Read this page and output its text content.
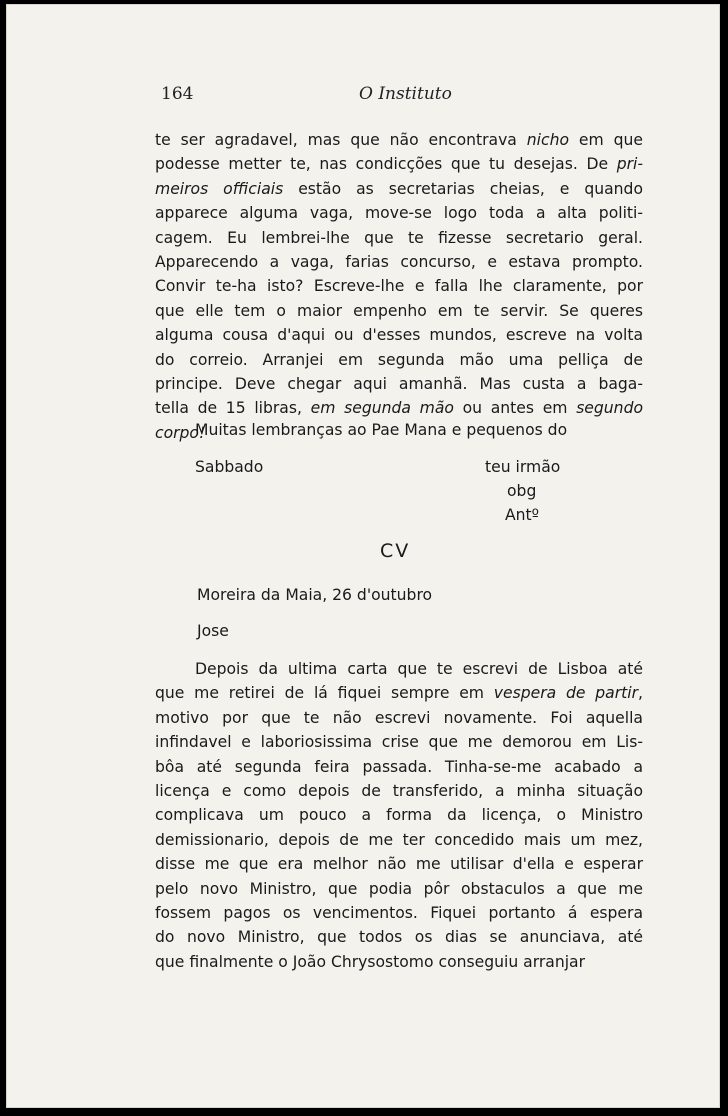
164	O Instituto
te ser agradavel, mas que não encontrava nicho em que
podesse metter te, nas condicções que tu desejas. De pri-
meiros officiais estão as secretarias cheias, e quando
apparece alguma vaga, move-se logo toda a alta politi-
cagem. Eu lembrei-lhe que te fizesse secretario geral.
Apparecendo a vaga, farias concurso, e estava prompto.
Convir te-ha isto? Escreve-lhe e falla lhe claramente, por
que elle tem o maior empenho em te servir. Se queres
alguma cousa d'aqui ou d'esses mundos, escreve na volta
do correio. Arranjei em segunda mão uma pelliça de
principe. Deve chegar aqui amanhã. Mas custa a baga-
tella de 15 libras, em segunda mão ou antes em segundo
corpo!
Muitas lembranças ao Pae Mana e pequenos do
Sabbado	teu irmão
obg
Antº
CV
Moreira da Maia, 26 d'outubro
Jose
Depois da ultima carta que te escrevi de Lisboa até
que me retirei de lá fiquei sempre em vespera de partir,
motivo por que te não escrevi novamente. Foi aquella
infindavel e laboriosissima crise que me demorou em Lis-
bôa até segunda feira passada. Tinha-se-me acabado a
licença e como depois de transferido, a minha situação
complicava um pouco a forma da licença, o Ministro
demissionario, depois de me ter concedido mais um mez,
disse me que era melhor não me utilisar d'ella e esperar
pelo novo Ministro, que podia pôr obstaculos a que me
fossem pagos os vencimentos. Fiquei portanto á espera
do novo Ministro, que todos os dias se anunciava, até
que finalmente o João Chrysostomo conseguiu arranjar
